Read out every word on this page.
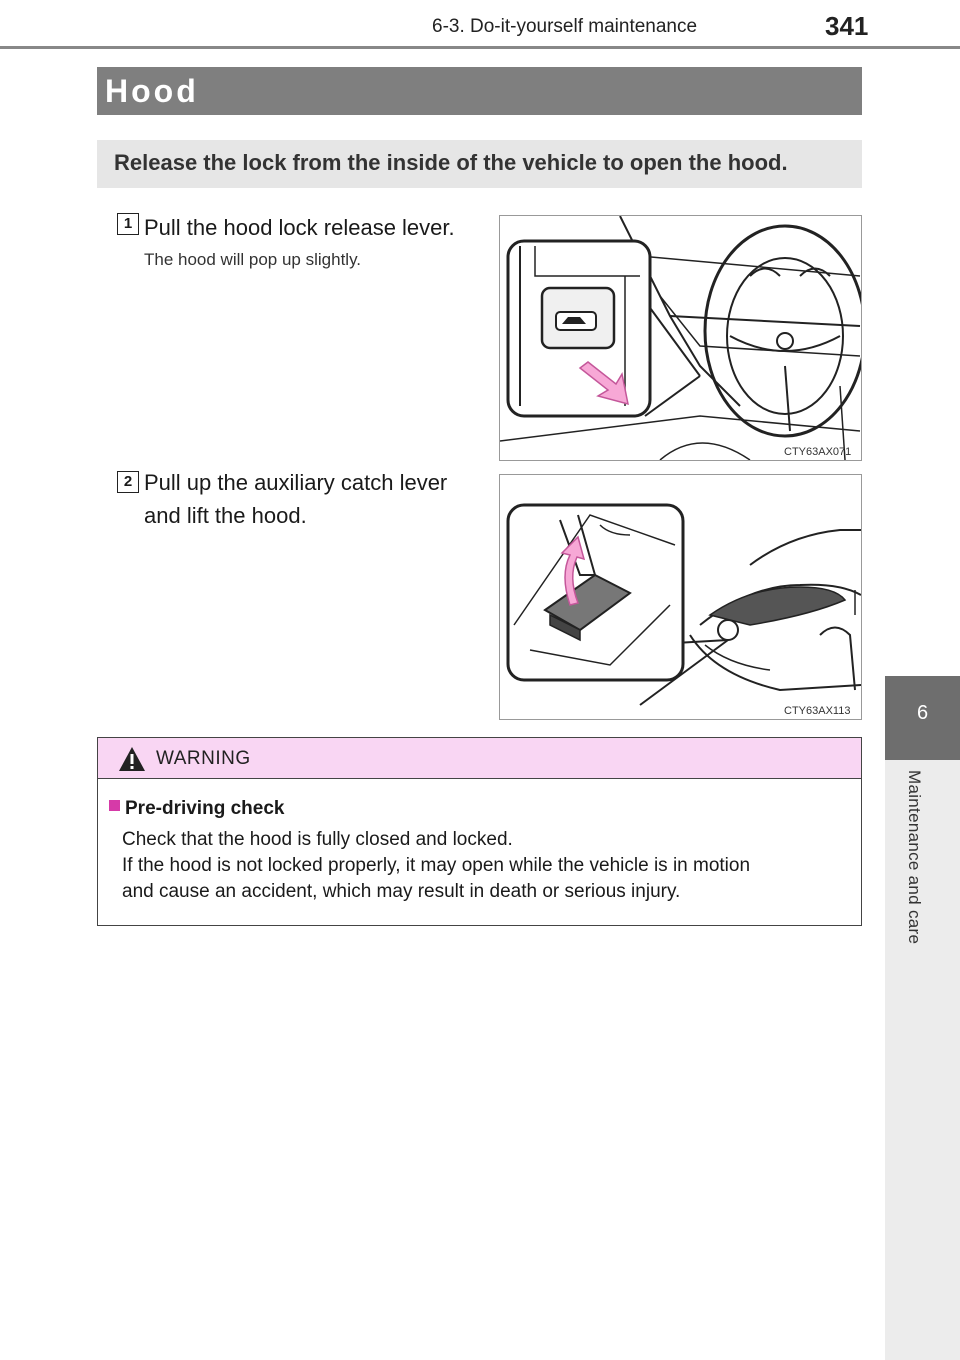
6-3. Do-it-yourself maintenance	341
6
Maintenance and care
Hood
Release the lock from the inside of the vehicle to open the hood.
1 Pull the hood lock release lever.
The hood will pop up slightly.
CTY63AX071
2 Pull up the auxiliary catch lever
and lift the hood.
CTY63AX113
WARNING
Pre-driving check

Check that the hood is fully closed and locked.

If the hood is not locked properly, it may open while the vehicle is in motion

and cause an accident, which may result in death or serious injury.
